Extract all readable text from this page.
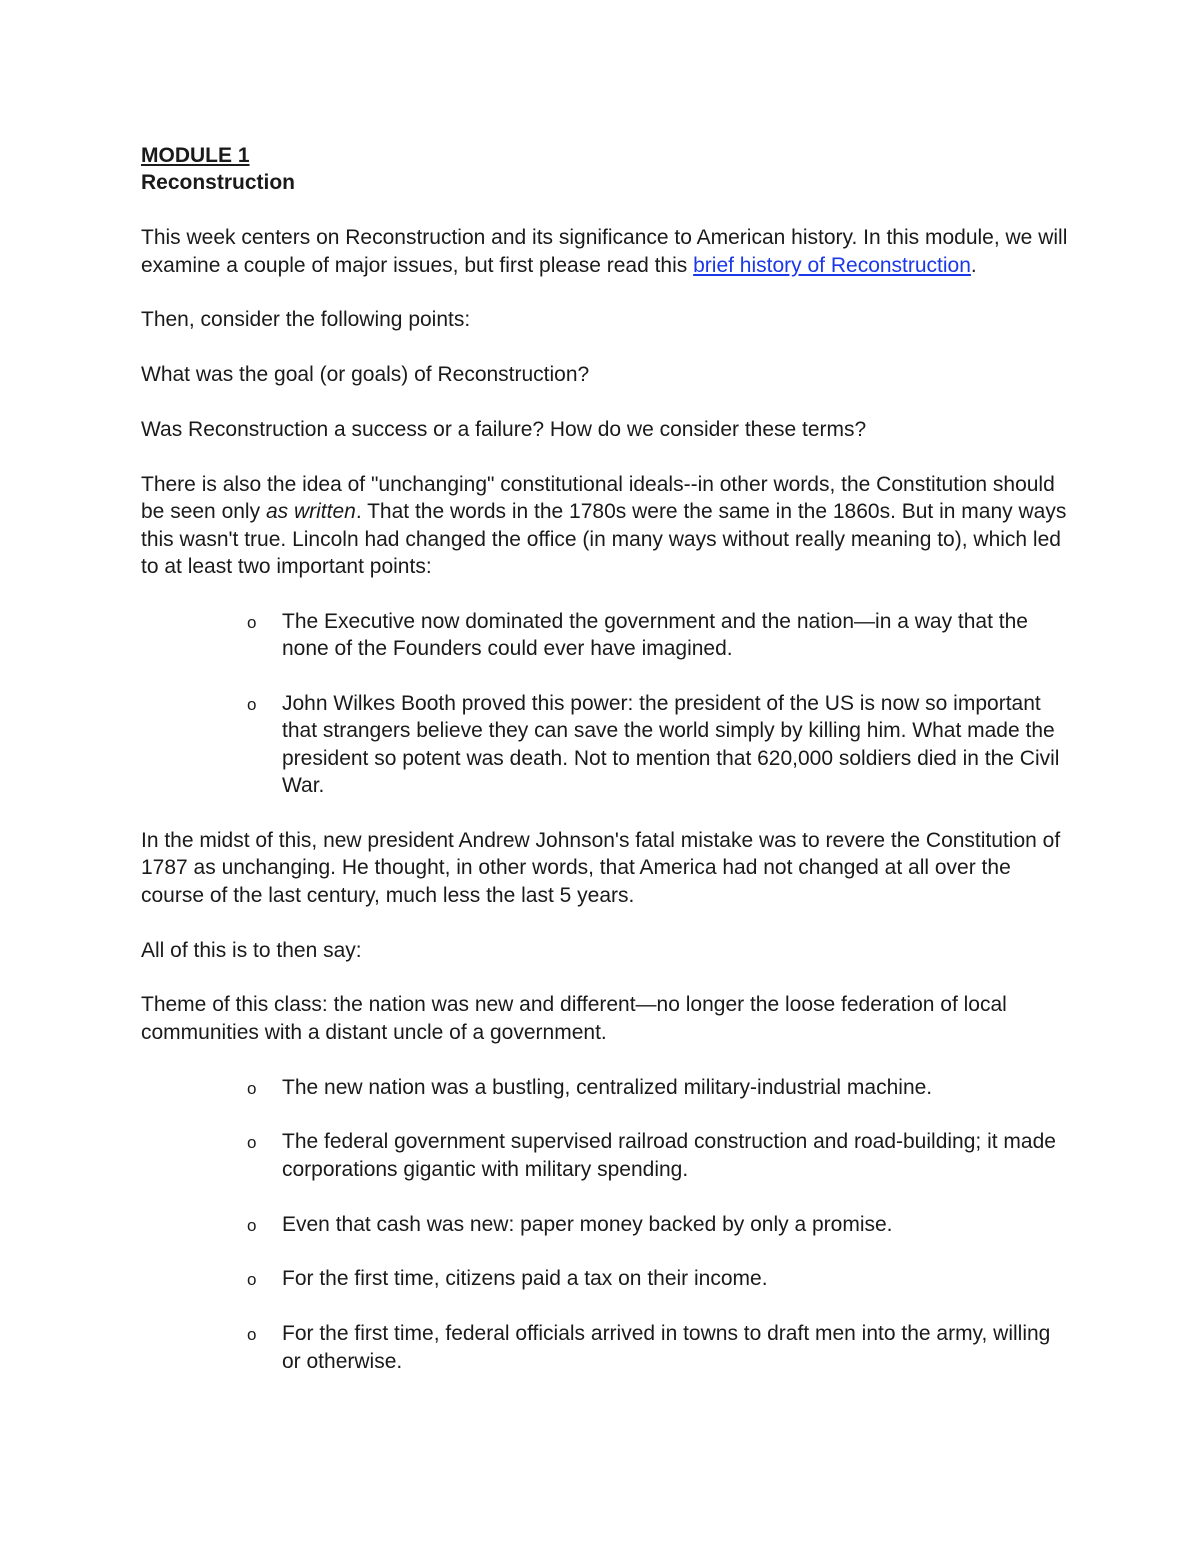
MODULE 1
Reconstruction

This week centers on Reconstruction and its significance to American history. In this module, we will examine a couple of major issues, but first please read this brief history of Reconstruction.

Then, consider the following points:

What was the goal (or goals) of Reconstruction?

Was Reconstruction a success or a failure? How do we consider these terms?

There is also the idea of "unchanging" constitutional ideals--in other words, the Constitution should be seen only as written. That the words in the 1780s were the same in the 1860s. But in many ways this wasn't true. Lincoln had changed the office (in many ways without really meaning to), which led to at least two important points:

o The Executive now dominated the government and the nation—in a way that the none of the Founders could ever have imagined.
o John Wilkes Booth proved this power: the president of the US is now so important that strangers believe they can save the world simply by killing him. What made the president so potent was death. Not to mention that 620,000 soldiers died in the Civil War.

In the midst of this, new president Andrew Johnson's fatal mistake was to revere the Constitution of 1787 as unchanging. He thought, in other words, that America had not changed at all over the course of the last century, much less the last 5 years.

All of this is to then say:

Theme of this class: the nation was new and different—no longer the loose federation of local communities with a distant uncle of a government.

o The new nation was a bustling, centralized military-industrial machine.
o The federal government supervised railroad construction and road-building; it made corporations gigantic with military spending.
o Even that cash was new: paper money backed by only a promise.
o For the first time, citizens paid a tax on their income.
o For the first time, federal officials arrived in towns to draft men into the army, willing or otherwise.
